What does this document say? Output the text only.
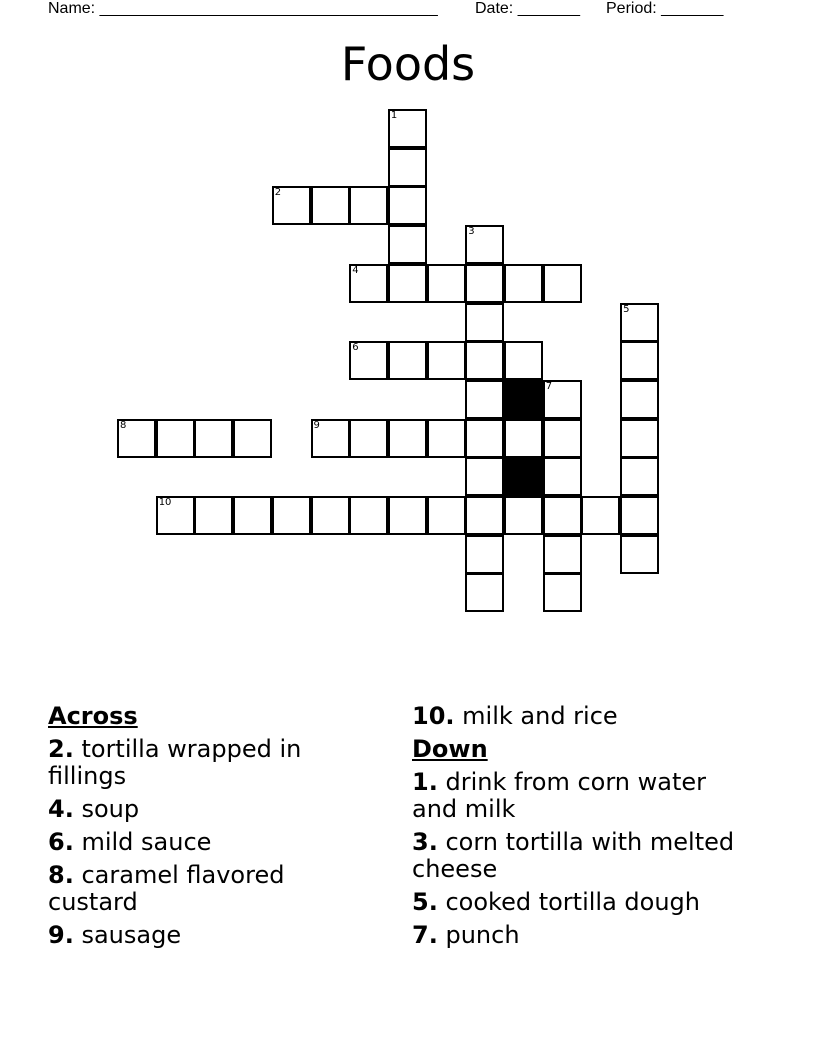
Name: ______________________________________ Date: _______ Period: _______
Foods
1
2
3
4
5
6
7
8	9
10
Across
2. tortilla wrapped in fillings
4. soup
6. mild sauce
8. caramel flavored custard
9. sausage
10. milk and rice
Down
1. drink from corn water and milk
3. corn tortilla with melted cheese
5. cooked tortilla dough
7. punch
